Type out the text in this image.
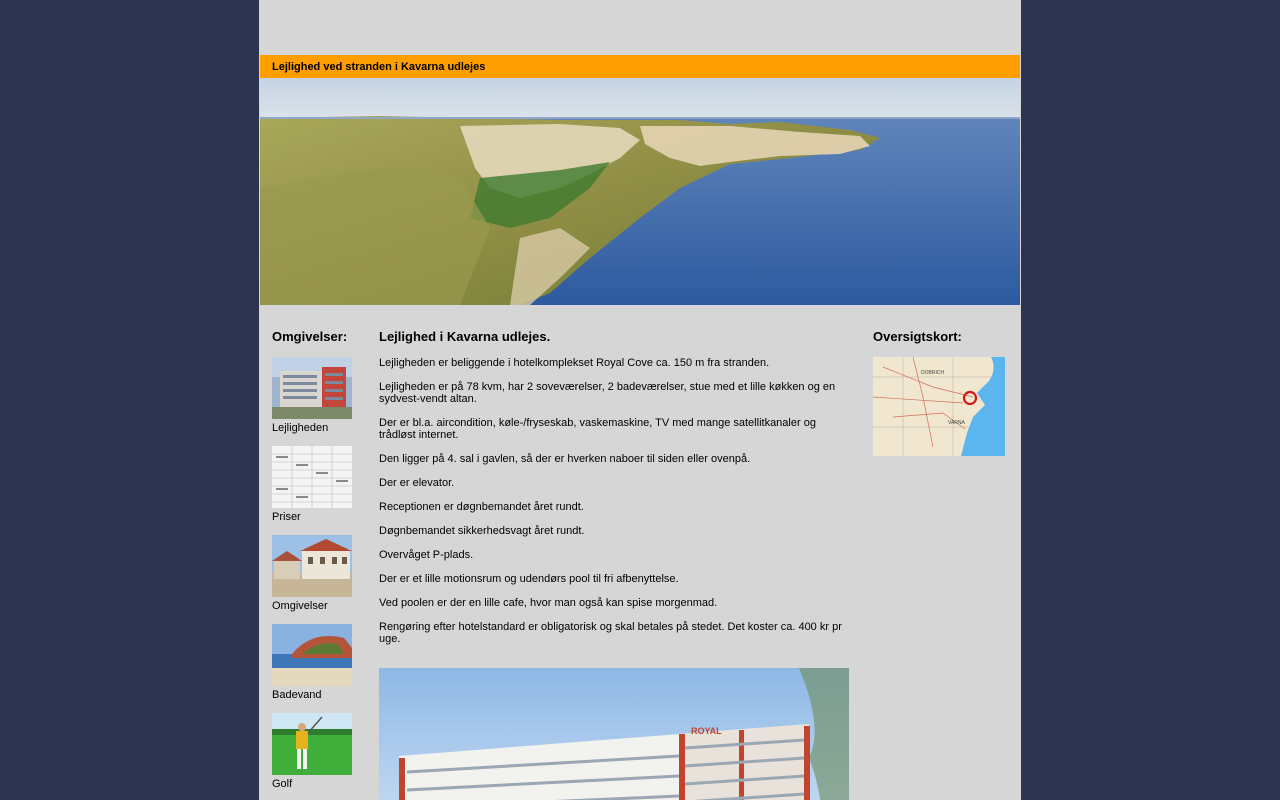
Lejlighed ved stranden i Kavarna udlejes
Omgivelser:
Lejligheden
Priser
Omgivelser
Badevand
Golf
Lejlighed i Kavarna udlejes.

Lejligheden er beliggende i hotelkomplekset Royal Cove ca. 150 m fra stranden.

Lejligheden er på 78 kvm, har 2 soveværelser, 2 badeværelser, stue med et lille køkken og en sydvest-vendt altan.

Der er bl.a. aircondition, køle-/fryseskab, vaskemaskine, TV med mange satellitkanaler og trådløst internet.

Den ligger på 4. sal i gavlen, så der er hverken naboer til siden eller ovenpå.

Der er elevator.

Receptionen er døgnbemandet året rundt.

Døgnbemandet sikkerhedsvagt året rundt.

Overvåget P-plads.

Der er et lille motionsrum og udendørs pool til fri afbenyttelse.

Ved poolen er der en lille cafe, hvor man også kan spise morgenmad.

Rengøring efter hotelstandard er obligatorisk og skal betales på stedet. Det koster ca. 400 kr pr uge.

ROYAL
Oversigtskort:
DOBRICH
VARNA
